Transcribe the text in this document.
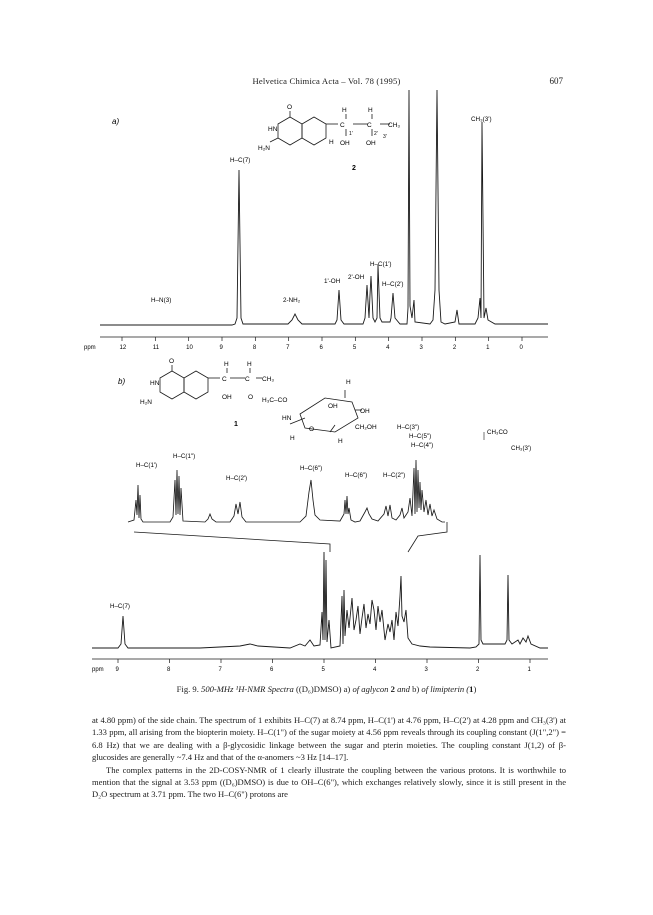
Helvetica Chimica Acta – Vol. 78 (1995)	607
a)
O
HN
H₂N
H	H
C	C	CH₃
OH	OH
H
1'	2' 3'
2
12	11	10	9	8	7	6	5	4	3	2	1	0
ppm
H–C(7)
H–N(3)	2-NH₂
1'-OH
2'-OH
H–C(1')
H–C(2')
CH₃(3')
b)
O
HN
H₂N
H	H
C	C CH₃
OH	O H₃C–CO
HN
OH
H
OH
CH₂OH
O
H	H
1
9	8	7	6	5	4	3	2	1
ppm
H–C(7)
H–C(1')
H–C(1")
H–C(2')
H–C(6")
H–C(6")	H–C(2")
H–C(3")
H–C(5")
H–C(4")
CH₃CO
CH₃(3')
Fig. 9. 500-MHz ¹H-NMR Spectra ((D₆)DMSO) a) of aglycon 2 and b) of limipterin (1)

at 4.80 ppm) of the side chain. The spectrum of 1 exhibits H–C(7) at 8.74 ppm, H–C(1') at 4.76 ppm, H–C(2') at 4.28 ppm and CH₃(3') at 1.33 ppm, all arising from the biopterin moiety. H–C(1") of the sugar moiety at 4.56 ppm reveals through its coupling constant (J(1",2") = 6.8 Hz) that we are dealing with a β-glycosidic linkage between the sugar and pterin moieties. The coupling constant J(1,2) of β-glucosides are generally ~7.4 Hz and that of the α-anomers ~3 Hz [14–17].

The complex patterns in the 2D-COSY-NMR of 1 clearly illustrate the coupling between the various protons. It is worthwhile to mention that the signal at 3.53 ppm ((D₆)DMSO) is due to OH–C(6"), which exchanges relatively slowly, since it is still present in the D₂O spectrum at 3.71 ppm. The two H–C(6") protons are
